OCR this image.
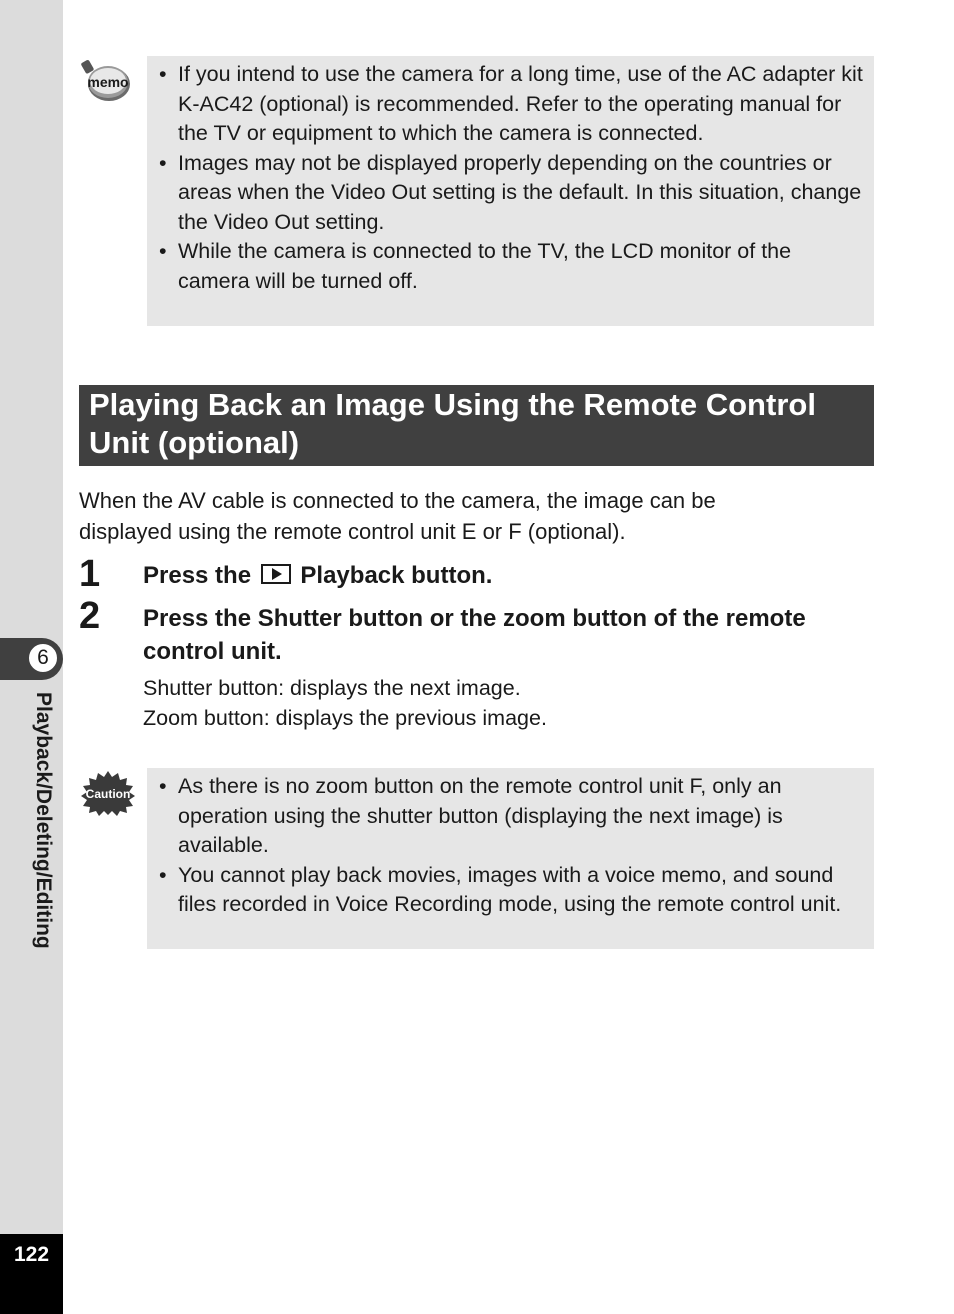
6
Playback/Deleting/Editing
122
memo	• If you intend to use the camera for a long time, use of the AC adapter kit K-AC42 (optional) is recommended. Refer to the operating manual for the TV or equipment to which the camera is connected.
• Images may not be displayed properly depending on the countries or areas when the Video Out setting is the default. In this situation, change the Video Out setting.
• While the camera is connected to the TV, the LCD monitor of the camera will be turned off.
Playing Back an Image Using the Remote Control
Unit (optional)
When the AV cable is connected to the camera, the image can be
displayed using the remote control unit E or F (optional).
1 Press the Playback button.
2 Press the Shutter button or the zoom button of the remote control unit.
Shutter button: displays the next image.
Zoom button: displays the previous image.
Caution	• As there is no zoom button on the remote control unit F, only an operation using the shutter button (displaying the next image) is available.
• You cannot play back movies, images with a voice memo, and sound files recorded in Voice Recording mode, using the remote control unit.
